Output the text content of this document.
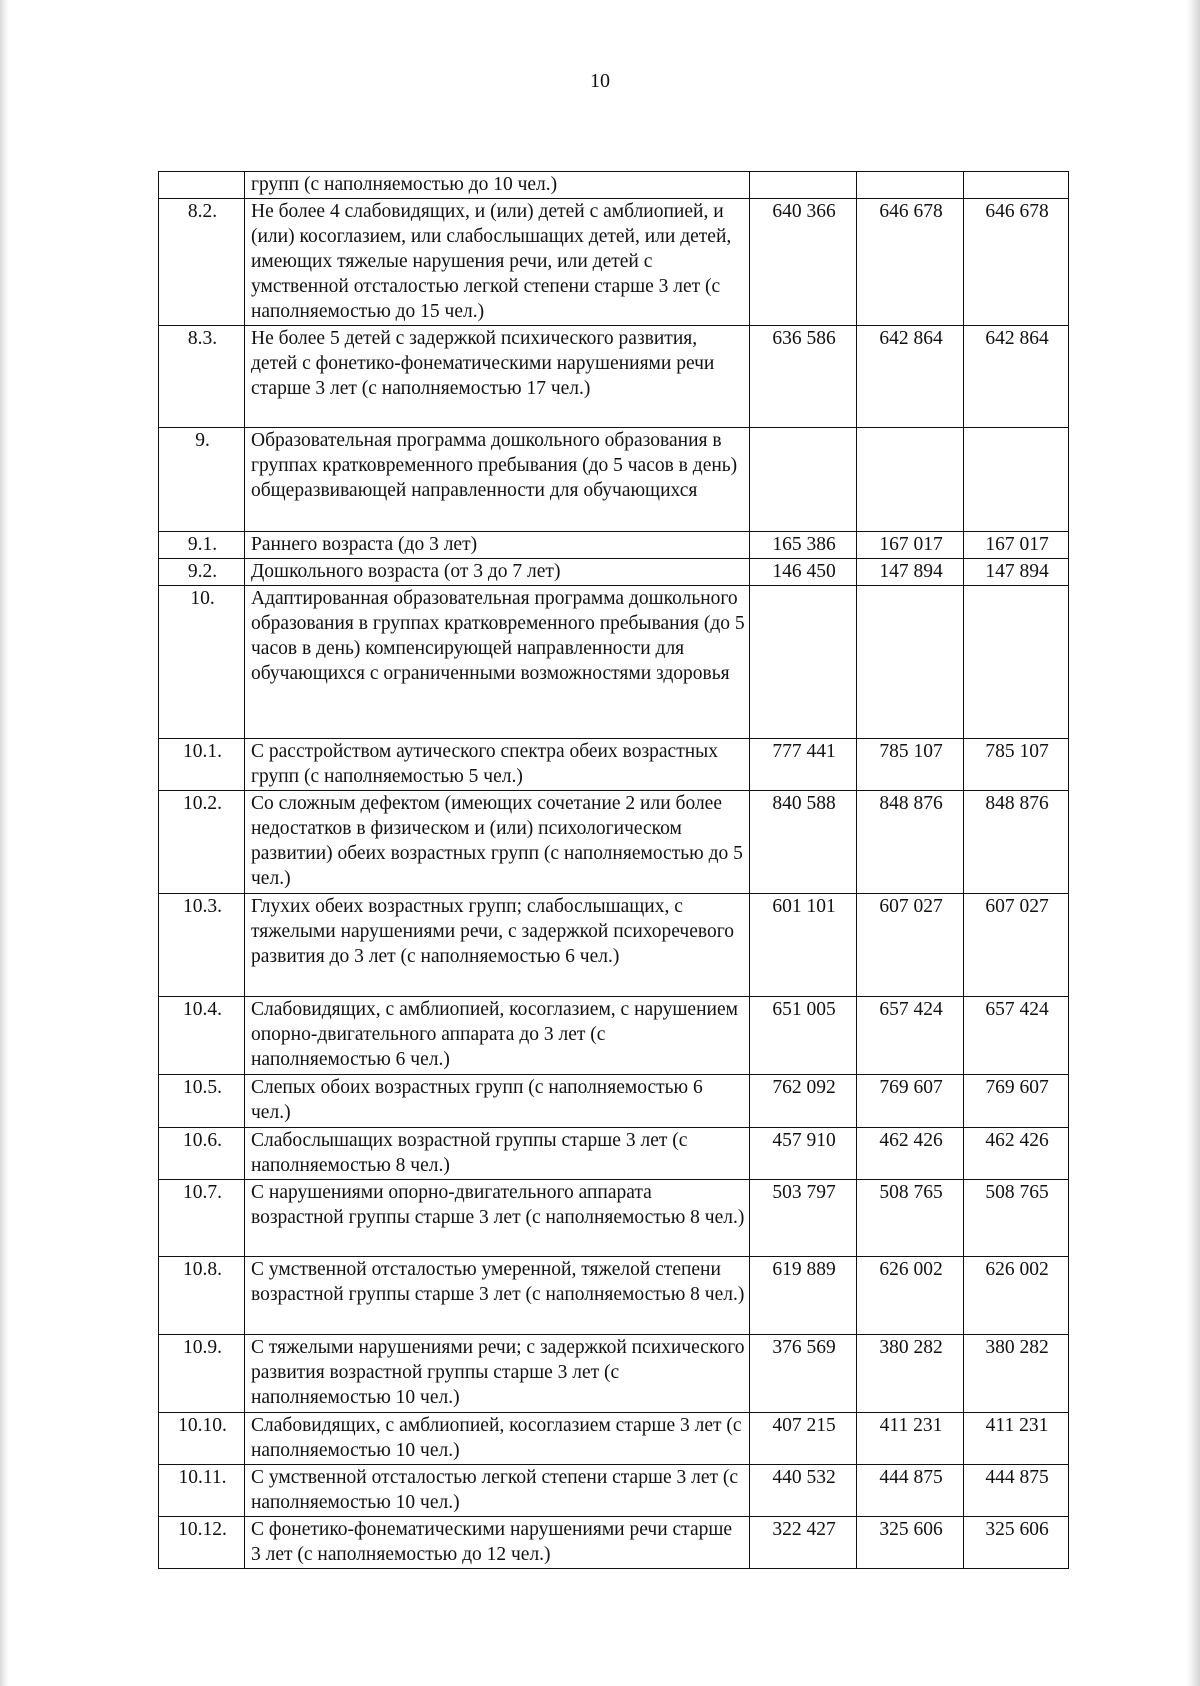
10
	групп (с наполняемостью до 10 чел.)			
8.2.	Не более 4 слабовидящих, и (или) детей с амблиопией, и (или) косоглазием, или слабослышащих детей, или детей, имеющих тяжелые нарушения речи, или детей с умственной отсталостью легкой степени старше 3 лет (с наполняемостью до 15 чел.)	640 366	646 678	646 678
8.3.	Не более 5 детей с задержкой психического развития, детей с фонетико-фонематическими нарушениями речи старше 3 лет (с наполняемостью 17 чел.)	636 586	642 864	642 864
9.	Образовательная программа дошкольного образования в группах кратковременного пребывания (до 5 часов в день) общеразвивающей направленности для обучающихся			
9.1.	Раннего возраста (до 3 лет)	165 386	167 017	167 017
9.2.	Дошкольного возраста (от 3 до 7 лет)	146 450	147 894	147 894
10.	Адаптированная образовательная программа дошкольного образования в группах кратковременного пребывания (до 5 часов в день) компенсирующей направленности для обучающихся с ограниченными возможностями здоровья			
10.1.	С расстройством аутического спектра обеих возрастных групп (с наполняемостью 5 чел.)	777 441	785 107	785 107
10.2.	Со сложным дефектом (имеющих сочетание 2 или более недостатков в физическом и (или) психологическом развитии) обеих возрастных групп (с наполняемостью до 5 чел.)	840 588	848 876	848 876
10.3.	Глухих обеих возрастных групп; слабослышащих, с тяжелыми нарушениями речи, с задержкой психоречевого развития до 3 лет (с наполняемостью 6 чел.)	601 101	607 027	607 027
10.4.	Слабовидящих, с амблиопией, косоглазием, с нарушением опорно-двигательного аппарата до 3 лет (с наполняемостью 6 чел.)	651 005	657 424	657 424
10.5.	Слепых обоих возрастных групп (с наполняемостью 6 чел.)	762 092	769 607	769 607
10.6.	Слабослышащих возрастной группы старше 3 лет (с наполняемостью 8 чел.)	457 910	462 426	462 426
10.7.	С нарушениями опорно-двигательного аппарата возрастной группы старше 3 лет (с наполняемостью 8 чел.)	503 797	508 765	508 765
10.8.	С умственной отсталостью умеренной, тяжелой степени возрастной группы старше 3 лет (с наполняемостью 8 чел.)	619 889	626 002	626 002
10.9.	С тяжелыми нарушениями речи; с задержкой психического развития возрастной группы старше 3 лет (с наполняемостью 10 чел.)	376 569	380 282	380 282
10.10.	Слабовидящих, с амблиопией, косоглазием старше 3 лет (с наполняемостью 10 чел.)	407 215	411 231	411 231
10.11.	С умственной отсталостью легкой степени старше 3 лет (с наполняемостью 10 чел.)	440 532	444 875	444 875
10.12.	С фонетико-фонематическими нарушениями речи старше 3 лет (с наполняемостью до 12 чел.)	322 427	325 606	325 606
